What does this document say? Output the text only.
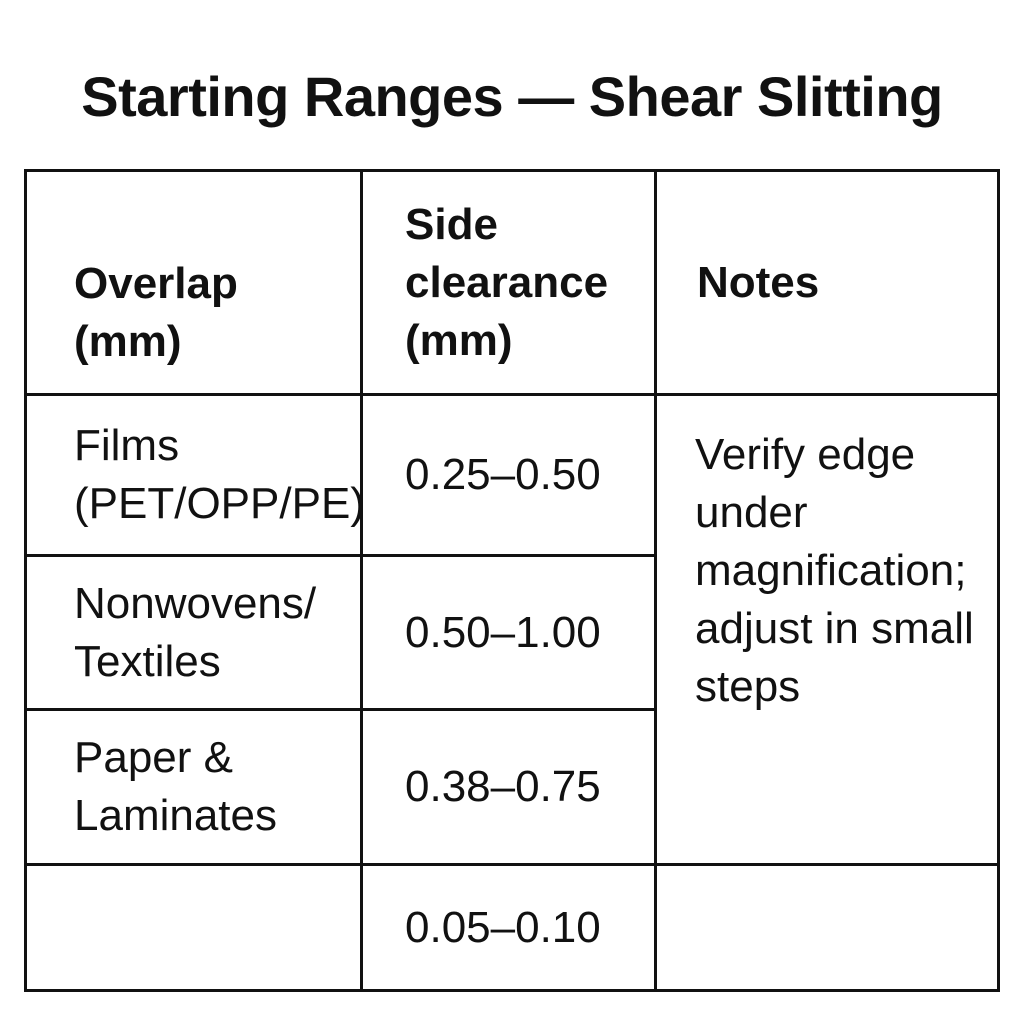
Starting Ranges — Shear Slitting
Overlap (mm)
Side clearance (mm)
Notes
Films (PET/OPP/PE)
0.25–0.50 Verify edge under magnification; adjust in small steps
Nonwovens/ Textiles
0.50–1.00
Paper & Laminates
0.38–0.75
0.05–0.10
